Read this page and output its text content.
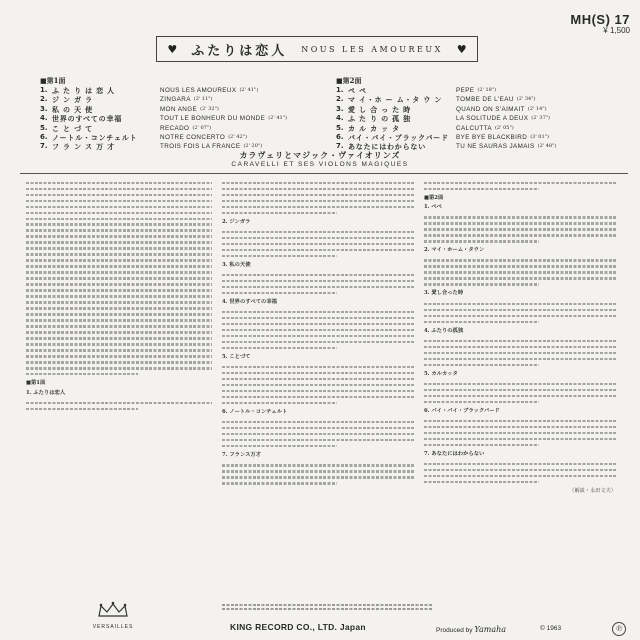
MH(S) 17
¥ 1,500
♥ ふたりは恋人 NOUS LES AMOUREUX ♥
■第1面
1. ふ た り は 恋 人	NOUS LES AMOUREUX (2' 41")
2. ジ ン ガ ラ	ZINGARA (2' 11")
3. 私 の 天 使	MON ANGE (2' 32")
4. 世界のすべての幸福	TOUT LE BONHEUR DU MONDE (2' 41")
5. こ と づ て	RECADO (2' 07")
6. ノートル・コンチェルト	NOTRE CONCERTO (2' 42")
7. フ ラ ン ス 万 才	TROIS FOIS LA FRANCE (2' 20")
■第2面
1. ペ ペ	PEPE (2' 18")
2. マ イ・ホ ー ム・タ ウ ン	TOMBE DE L'EAU (2' 34")
3. 愛 し 合 っ た 時	QUAND ON S'AIMAIT (2' 14")
4. ふ た り の 孤 独	LA SOLITUDE A DEUX (2' 37")
5. カ ル カ ッ タ	CALCUTTA (2' 05")
6. バイ・バイ・ブラックバード	BYE BYE BLACKBIRD (3' 01")
7. あなたにはわからない	TU NE SAURAS JAMAIS (2' 48")
カラヴェリとマジック・ヴァイオリンズ
CARAVELLI ET SES VIOLONS MAGIQUES
■第1面
1. ふたりは恋人
2. ジンガラ
3. 私の天使
4. 世界のすべての幸福
5. ことづて
6. ノートル・コンチェルト
7. フランス万才
■第2面
1. ペペ
2. マイ・ホーム・タウン
3. 愛し合った時
4. ふたりの孤独
5. カルカッタ
6. バイ・バイ・ブラックバード
7. あなたにはわからない
（解説・永田文夫）
VERSAILLES	KING RECORD CO., LTD. Japan	Produced by Yamaha	© 1963	℗
